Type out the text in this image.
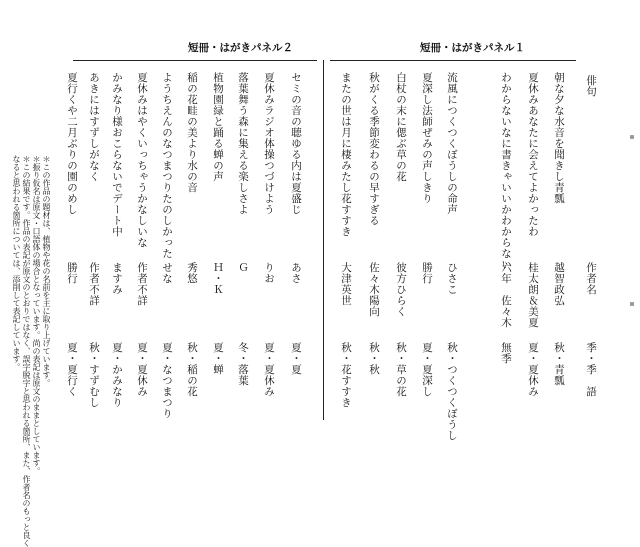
短冊・はがきパネル２	短冊・はがきパネル１
俳句
作者名
季・季　語
朝な夕な水音を聞きし青瓢
越智政弘
秋・青瓢
夏休みあなたに会えてよかったわ
桂太朗＆美夏
夏・夏休み
わからないなに書きゃいいかわからない
六年　佐々木
無季
流風につくつくぼうしの命声
ひさこ
秋・つくつくぼうし
夏深し法師ぜみの声しきり
勝行
夏・夏深し
白杖の末に偲ぶ草の花
彼方ひらく
秋・草の花
秋がくる季節変わるの早すぎる
佐々木陽向
秋・秋
またの世は月に棲みたし花すすき
大津英世
秋・花すすき
セミの音の聴ゆる内は夏盛じ
あさ
夏・夏
夏休みラジオ体操つづけよう
りお
夏・夏休み
落葉舞う森に集える楽しさよ
Ｇ
冬・落葉
植物園緑と踊る蝉の声
Ｈ・Ｋ
夏・蝉
稲の花畦の美より水の音
秀悠
秋・稲の花
ようちえんのなつまつりたのしかった
せな
夏・なつまつり
夏休みはやくいっちゃうかなしいな
作者不詳
夏・夏休み
かみなり様おこらないでデート中
ますみ
夏・かみなり
あきにはすずしがなく
作者不詳
秋・すずむし
夏行くや二月ぶりの園のめし
勝行
夏・夏行く
＊この作品の題材は、植物や花の名前を主に取り上げています。
＊振り仮名は原文・口語体の場合となっています。尚の表記は原文のままとしています。
＊この結果です。作品の表記が原文のとおりではなく、誤字脱字と思われる箇所、また、作者名のもっと良く
なると思われる箇所については、添削して表記しています。
